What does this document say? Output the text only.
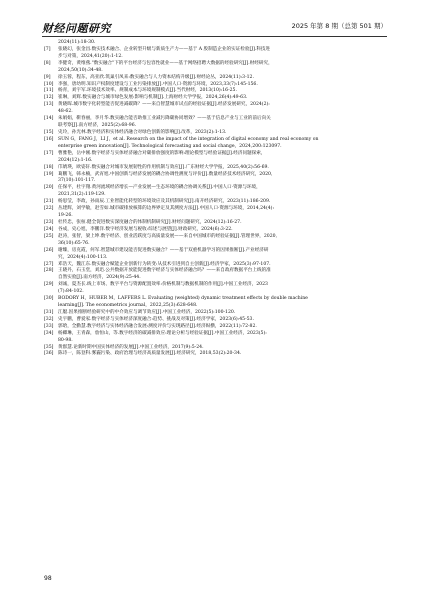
财经问题研究	2025 年第 8 期（总第 501 期）
2024(11):18-30.
[7]	张晓幻，张金昌.数实技术融合、企业转型升级与新质生产力——基于 A 股制造企业的实证检验[J].科技进
步与对策，2024,41(20):1-12.
[8]	李健奇，黄维燕."数实融合"下的平台经济与包容性就业——基于网络招聘大数据的经验研究[J].财经研究，
2024,50(10):34-48.
[9]	徐玉蓉，程东，高亚欣.筑巢引凤来:数实融合与人力资本结构升级[J].财经论丛，2024(11):3-12.
[10] 李强，唐幼明.知识产权制度建设与工业污染排放[J].中国人口·资源与环境，2023,33(7):145-156.
[11] 杨青，刘宇军.环境技术效率、规制成本与环境规制模式[J].当代财经，2013(10):16-25.
[12] 崔琳，刘辉.数实融合与城市绿色发展:影响与机制[J].上海财经大学学报，2024,26(4):49-63.
[13] 黄晓晖.城市数字化转型能否促进减碳降？——来自智慧城市试点的经验证据[J].经济发展研究，2024(2):
48-62.
[14] 朱娟娟，靳春丽，李月华.数实融合能否助推工业减污降碳协同增效？——基于信息产业与工业的前后向关
联考察[J].南方经济，2025(2):68-96.
[15] 史玲，孙光林.数字经济和实体经济融合对绿色创新的影响[J].改革，2023(2):1-13.
[16] SUN G，FANG J，LI J，et al. Research on the impact of the integration of digital economy and real economy on
enterprise green innovation[J]. Technological forecasting and social change，2024,200:123097.
[17] 曹雅艳，岳中刚.数字经济与实体经济融合对碳排放强度的影响:理论模型与经验证据[J].经济问题探索，
2024(12):1-16.
[18] 邝婧瑛，欧姿轩.数实融合对城市发展韧性的作用机制与效应[J].广东财经大学学报，2025,40(2):56-69.
[19] 葛鹏飞，韩永楠，武宵旭.中国创新与经济发展的耦合协调性测度与评价[J].数量经济技术经济研究，2020,
37(10):101-117.
[20] 任保平，杜宇翔.黄河流域经济增长—产业发展—生态环境的耦合协调关系[J].中国人口·资源与环境，
2021,31(2):119-129.
[21] 杨思莹，李政，孙雨辰.工业智能化转型的环境效应及其机制研究[J].南开经济研究，2023(11):186-209.
[22] 丛建辉，刘学敏，赵雪如.城市碳排放核算的边界界定及其测度方法[J].中国人口·资源与环境，2014,24(4):
19-26.
[23] 杜传忠，张桓.健全促进数实深度融合的体制机制研究[J].财经问题研究，2024(12):16-27.
[24] 谷成，史心旭，李鹏洋.数字经济发展与税收:综述与展望[J].财政研究，2024(6):3-22.
[25] 赵涛，张智，梁上坤.数字经济、创业活跃度与高质量发展——来自中国城市的经验证据[J].管理世界，2020,
36(10):65-76.
[26] 谢臻，房克霞，何军.智慧城市建设能否促进数实融合？——基于双重机器学习的因果推断[J].产业经济研
究，2024(4):100-113.
[27] 邓浩天，魏江东.数实融合赋能企业创新行为转变:从技术引进到自主创新[J].经济学家，2025(3):97-107.
[28] 王晓丹，石玉堂，刘迅.公共数据开放能促进数字经济与实体经济融合吗？——来自政府数据平台上线的准
自然实验[J].南方经济，2024(9):25-44.
[29] 刘诚，夏杰长.线上市场、数字平台与资源配置效率:价格机制与数据机制的作用[J].中国工业经济，2023
(7):84-102.
[30] BODORY H，HUBER M，LAFFERS L. Evaluating (weighted) dynamic treatment effects by double machine
learning[J]. The econometrics journal，2022,25(3):628-648.
[31] 江艇.因果推断经验研究中的中介效应与调节效应[J].中国工业经济，2022(5):100-120.
[32] 史宇鹏，曹爱家.数字经济与实体经济深度融合:趋势、挑战及对策[J].经济学家，2023(6):45-53.
[33] 郭晗，全勤慧.数字经济与实体经济融合发展:测度评价与实现路径[J].经济纵横，2022(11):72-82.
[34] 杨卿琳，王青森，詹恒山，等.数字经济的碳减排效应:理论分析与经验证据[J].中国工业经济，2023(5):
80-98.
[35] 黄群慧.论新时期中国实体经济的发展[J].中国工业经济，2017(9):5-24.
[36] 陈诗一，陈登科.雾霾污染、政府治理与经济高质量发展[J].经济研究，2018,53(2):20-34.
98
